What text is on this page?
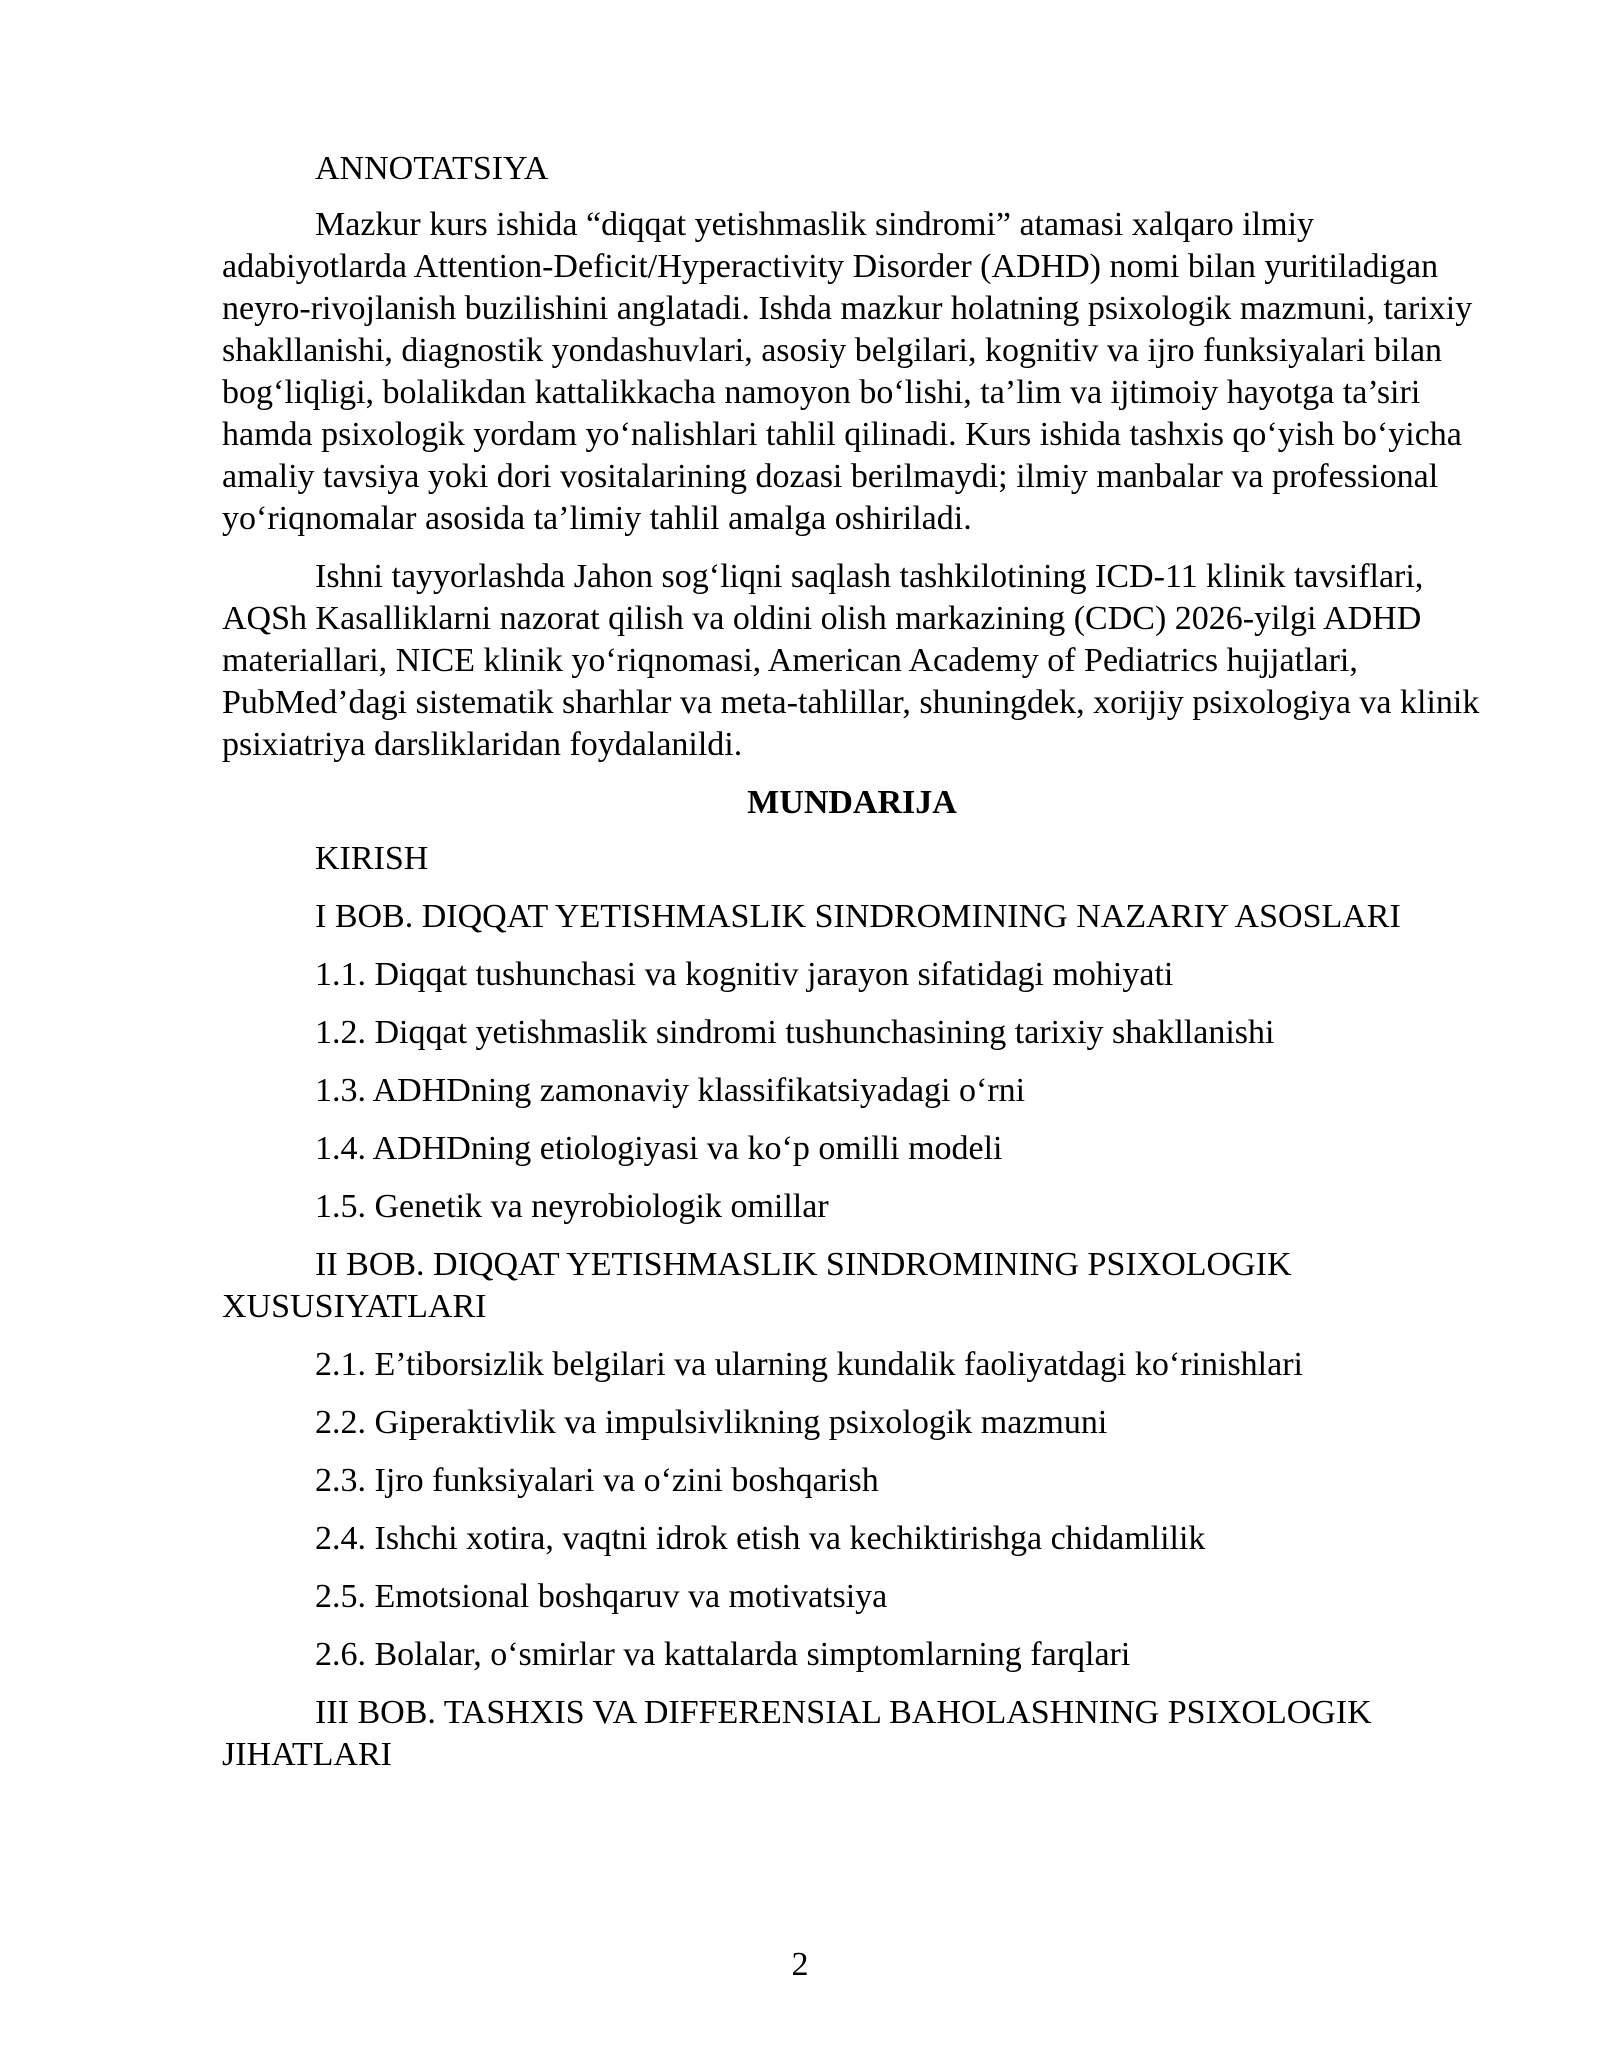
ANNOTATSIYA
Mazkur kurs ishida “diqqat yetishmaslik sindromi” atamasi xalqaro ilmiy adabiyotlarda Attention-Deficit/Hyperactivity Disorder (ADHD) nomi bilan yuritiladigan neyro-rivojlanish buzilishini anglatadi. Ishda mazkur holatning psixologik mazmuni, tarixiy shakllanishi, diagnostik yondashuvlari, asosiy belgilari, kognitiv va ijro funksiyalari bilan bog‘liqligi, bolalikdan kattalikkacha namoyon bo‘lishi, ta’lim va ijtimoiy hayotga ta’siri hamda psixologik yordam yo‘nalishlari tahlil qilinadi. Kurs ishida tashxis qo‘yish bo‘yicha amaliy tavsiya yoki dori vositalarining dozasi berilmaydi; ilmiy manbalar va professional yo‘riqnomalar asosida ta’limiy tahlil amalga oshiriladi.
Ishni tayyorlashda Jahon sog‘liqni saqlash tashkilotining ICD-11 klinik tavsiflari, AQSh Kasalliklarni nazorat qilish va oldini olish markazining (CDC) 2026-yilgi ADHD materiallari, NICE klinik yo‘riqnomasi, American Academy of Pediatrics hujjatlari, PubMed’dagi sistematik sharhlar va meta-tahlillar, shuningdek, xorijiy psixologiya va klinik psixiatriya darsliklaridan foydalanildi.
MUNDARIJA
KIRISH
I BOB. DIQQAT YETISHMASLIK SINDROMINING NAZARIY ASOSLARI
1.1. Diqqat tushunchasi va kognitiv jarayon sifatidagi mohiyati
1.2. Diqqat yetishmaslik sindromi tushunchasining tarixiy shakllanishi
1.3. ADHDning zamonaviy klassifikatsiyadagi o‘rni
1.4. ADHDning etiologiyasi va ko‘p omilli modeli
1.5. Genetik va neyrobiologik omillar
II BOB. DIQQAT YETISHMASLIK SINDROMINING PSIXOLOGIK XUSUSIYATLARI
2.1. E’tiborsizlik belgilari va ularning kundalik faoliyatdagi ko‘rinishlari
2.2. Giperaktivlik va impulsivlikning psixologik mazmuni
2.3. Ijro funksiyalari va o‘zini boshqarish
2.4. Ishchi xotira, vaqtni idrok etish va kechiktirishga chidamlilik
2.5. Emotsional boshqaruv va motivatsiya
2.6. Bolalar, o‘smirlar va kattalarda simptomlarning farqlari
III BOB. TASHXIS VA DIFFERENSIAL BAHOLASHNING PSIXOLOGIK JIHATLARI
2
